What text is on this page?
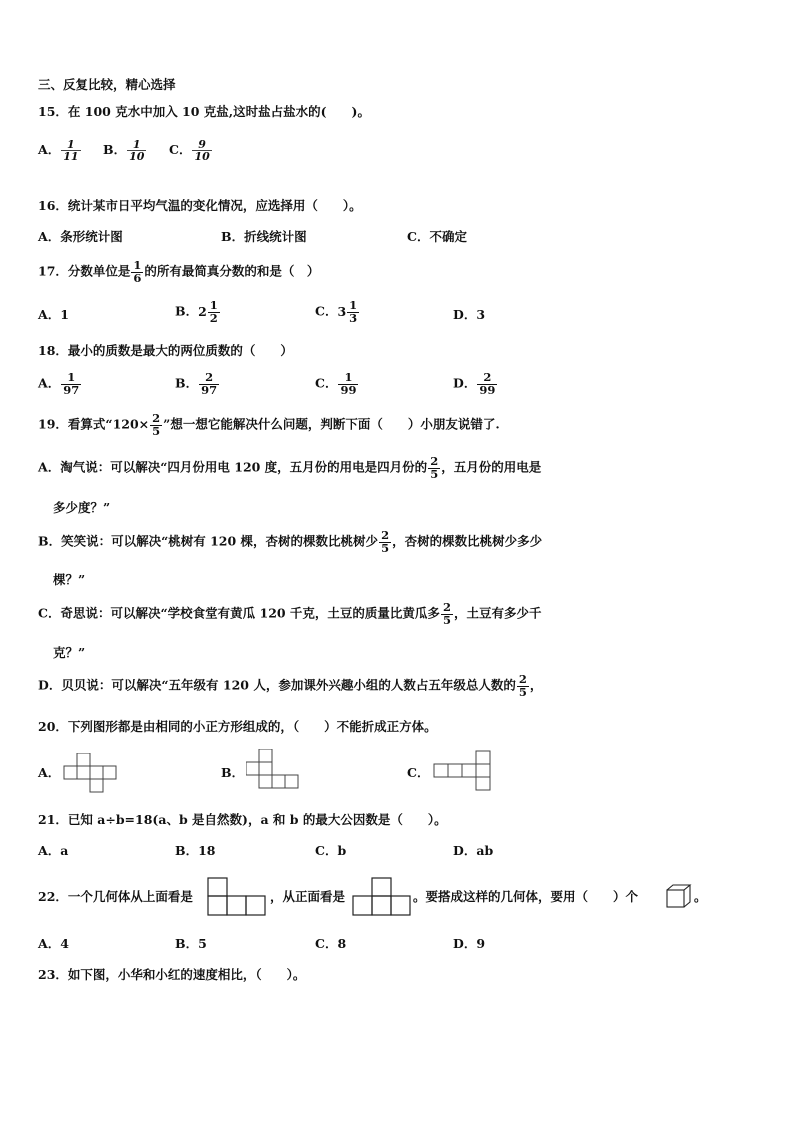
三、反复比较，精心选择
15．在 100 克水中加入 10 克盐,这时盐占盐水的(　　)。
A． $\frac{1}{11}$ B． $\frac{1}{10}$ C． $\frac{9}{10}$
16．统计某市日平均气温的变化情况，应选择用（　　）。
A．条形统计图	B．折线统计图	C．不确定
17．分数单位是 $\frac{1}{6}$ 的所有最简真分数的和是（　）
A．1	B．$2 \frac{1}{2}$	C．$3 \frac{1}{3}$	D．3
18．最小的质数是最大的两位质数的（　　）
A． $\frac{1}{97}$	B． $\frac{2}{97}$	C． $\frac{1}{99}$	D． $\frac{2}{99}$
19．看算式“$120\times \frac{2}{5}$ ”想一想它能解决什么问题，判断下面（　　）小朋友说错了.
A．淘气说：可以解决“四月份用电 120 度，五月份的用电是四月份的 $\frac{2}{5}$ ，五月份的用电是
多少度？”
B．笑笑说：可以解决“桃树有 120 棵，杏树的棵数比桃树少 $\frac{2}{5}$ ，杏树的棵数比桃树少多少
棵？”
C．奇思说：可以解决“学校食堂有黄瓜 120 千克，土豆的质量比黄瓜多 $\frac{2}{5}$ ，土豆有多少千
克？”
D．贝贝说：可以解决“五年级有 120 人，参加课外兴趣小组的人数占五年级总人数的 $\frac{2}{5}$ ，
20．下列图形都是由相同的小正方形组成的，（　　）不能折成正方体。
A．	B．	C．
21．已知 a÷b=18(a、b 是自然数)，a 和 b 的最大公因数是（　　）。
A．a	B．18	C．b	D．ab
22．一个几何体从上面看是	，从正面看是	。要搭成这样的几何体，要用（　　）个	。
A．4	B．5	C．8	D．9
23．如下图，小华和小红的速度相比，（　　）。
